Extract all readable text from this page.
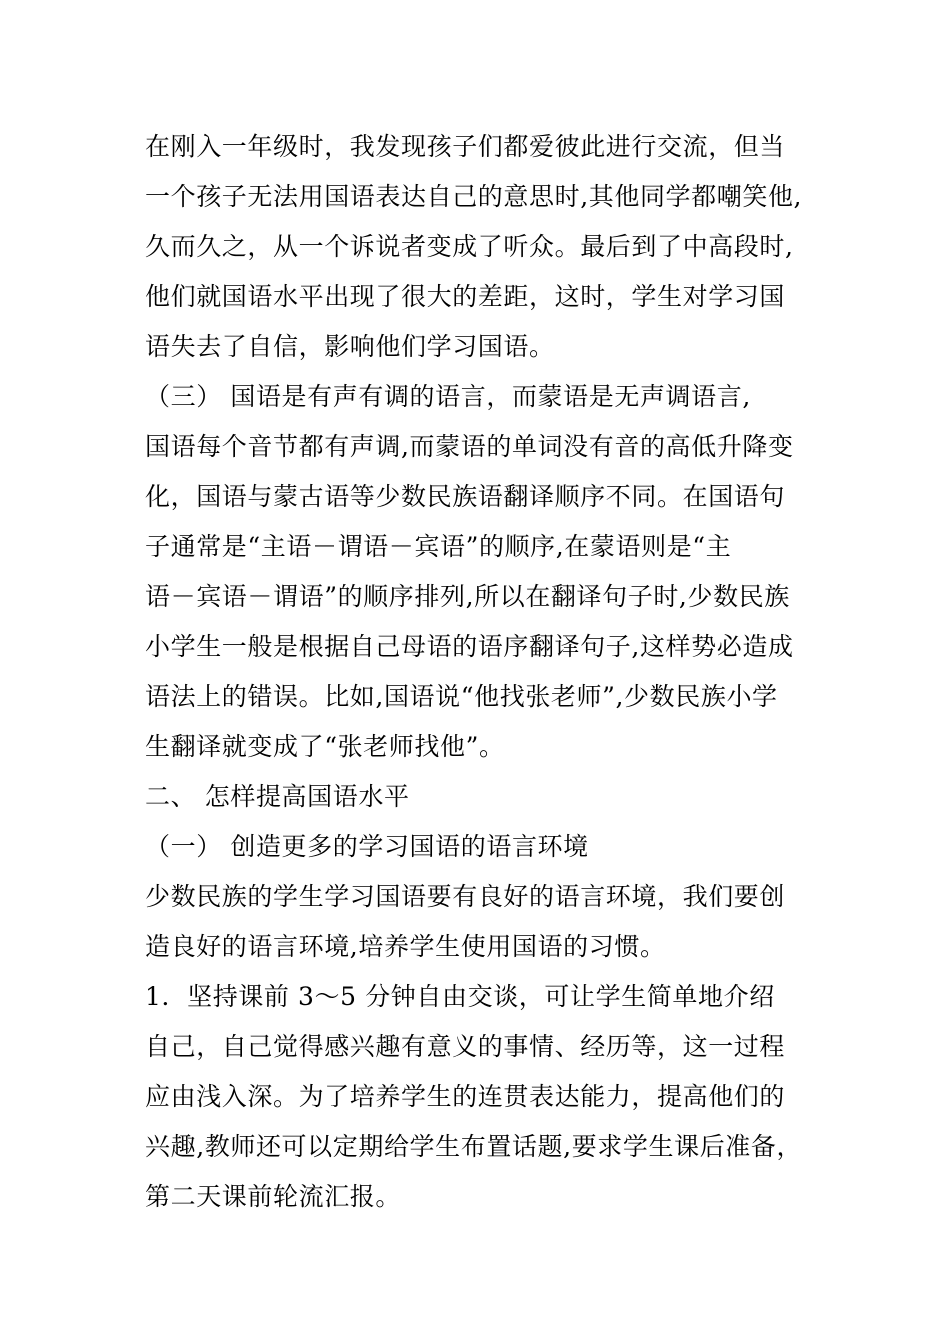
在刚入一年级时，我发现孩子们都爱彼此进行交流，但当
一个孩子无法用国语表达自己的意思时,其他同学都嘲笑他,
久而久之，从一个诉说者变成了听众。最后到了中高段时,
他们就国语水平出现了很大的差距，这时，学生对学习国
语失去了自信，影响他们学习国语。
（三） 国语是有声有调的语言，而蒙语是无声调语言,
国语每个音节都有声调,而蒙语的单词没有音的高低升降变
化，国语与蒙古语等少数民族语翻译顺序不同。在国语句
子通常是“主语－谓语－宾语”的顺序,在蒙语则是“主
语－宾语－谓语”的顺序排列,所以在翻译句子时,少数民族
小学生一般是根据自己母语的语序翻译句子,这样势必造成
语法上的错误。比如,国语说“他找张老师”,少数民族小学
生翻译就变成了“张老师找他”。
二、 怎样提高国语水平
（一） 创造更多的学习国语的语言环境
少数民族的学生学习国语要有良好的语言环境，我们要创
造良好的语言环境,培养学生使用国语的习惯。
1．坚持课前 3～5 分钟自由交谈，可让学生简单地介绍
自己，自己觉得感兴趣有意义的事情、经历等，这一过程
应由浅入深。为了培养学生的连贯表达能力，提高他们的
兴趣,教师还可以定期给学生布置话题,要求学生课后准备，
第二天课前轮流汇报。
